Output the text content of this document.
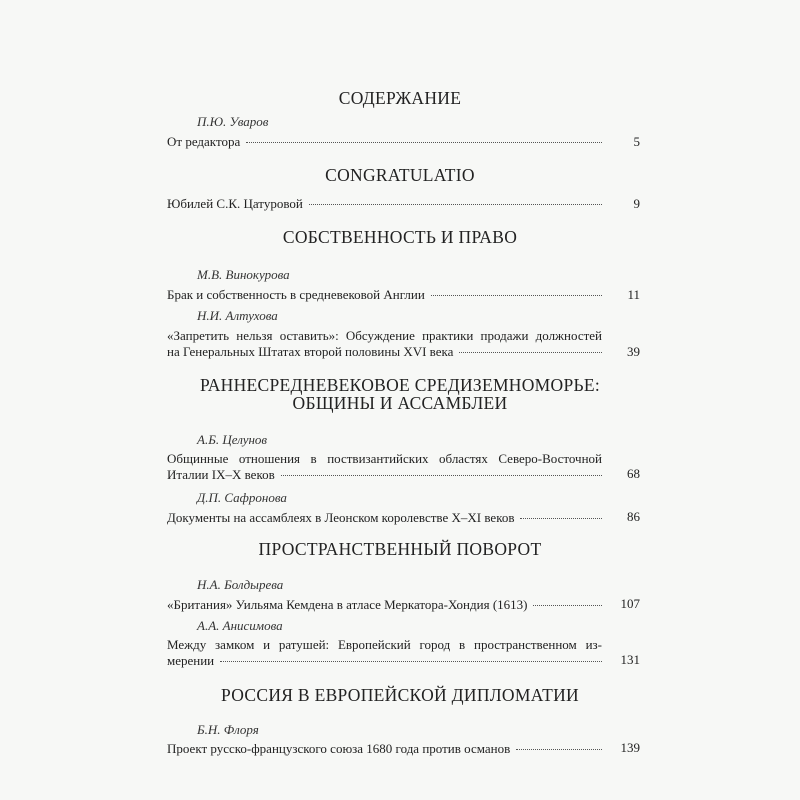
СОДЕРЖАНИЕ
П.Ю. Уваров
От редактора	5
CONGRATULATIO
Юбилей С.К. Цатуровой	9
СОБСТВЕННОСТЬ И ПРАВО
М.В. Винокурова
Брак и собственность в средневековой Англии	11
Н.И. Алтухова
«Запретить нельзя оставить»: Обсуждение практики продажи должностей
на Генеральных Штатах второй половины XVI века	39
РАННЕСРЕДНЕВЕКОВОЕ СРЕДИЗЕМНОМОРЬЕ:
ОБЩИНЫ И АССАМБЛЕИ
А.Б. Целунов
Общинные отношения в поствизантийских областях Северо-Восточной
Италии IX–X веков	68
Д.П. Сафронова
Документы на ассамблеях в Леонском королевстве X–XI веков	86
ПРОСТРАНСТВЕННЫЙ ПОВОРОТ
Н.А. Болдырева
«Британия» Уильяма Кемдена в атласе Меркатора-Хондия (1613)	107
А.А. Анисимова
Между замком и ратушей: Европейский город в пространственном из-
мерении	131
РОССИЯ В ЕВРОПЕЙСКОЙ ДИПЛОМАТИИ
Б.Н. Флоря
Проект русско-французского союза 1680 года против османов	139
